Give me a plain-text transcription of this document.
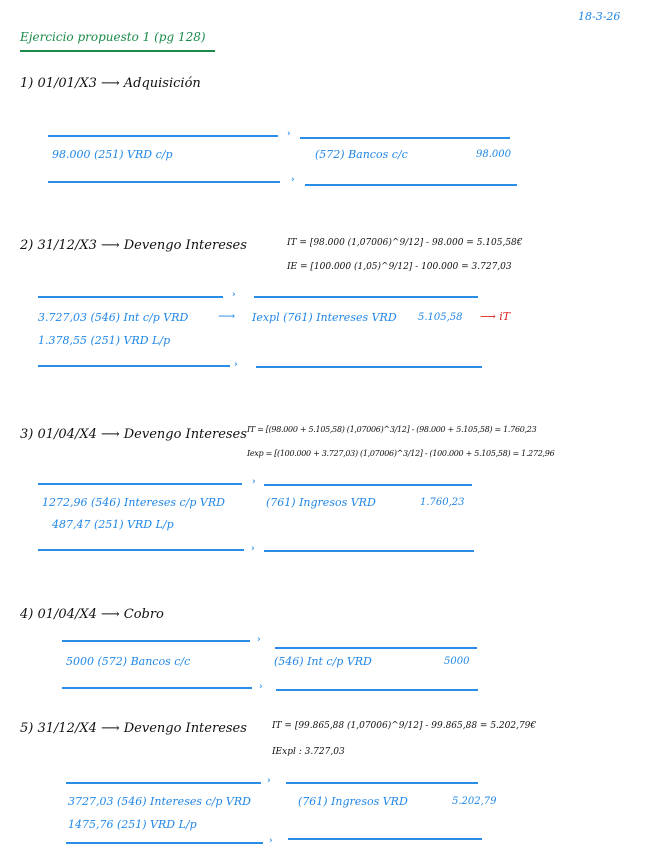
18-3-26
Ejercicio propuesto 1 (pg 128)
1) 01/01/X3 ⟶ Adquisición
›
98.000 (251) VRD c/p	(572) Bancos c/c	98.000
›
2) 31/12/X3 ⟶ Devengo Intereses	IT = [98.000 (1,07006)^9/12] - 98.000 = 5.105,58€
IE = [100.000 (1,05)^9/12] - 100.000 = 3.727,03
›
3.727,03 (546) Int c/p VRD ⟶ Iexpl (761) Intereses VRD 5.105,58 ⟶ iT
1.378,55 (251) VRD L/p
›
3) 01/04/X4 ⟶ Devengo Intereses IT = [(98.000 + 5.105,58) (1,07006)^3/12] - (98.000 + 5.105,58) = 1.760,23
Iexp = [(100.000 + 3.727,03) (1,07006)^3/12] - (100.000 + 5.105,58) = 1.272,96
›
1272,96 (546) Intereses c/p VRD	(761) Ingresos VRD	1.760,23
487,47 (251) VRD L/p
›
4) 01/04/X4 ⟶ Cobro
›
5000 (572) Bancos c/c	(546) Int c/p VRD	5000
›
5) 31/12/X4 ⟶ Devengo Intereses	IT = [99.865,88 (1,07006)^9/12] - 99.865,88 = 5.202,79€
IExpl : 3.727,03
›
3727,03 (546) Intereses c/p VRD	(761) Ingresos VRD	5.202,79
1475,76 (251) VRD L/p
›
